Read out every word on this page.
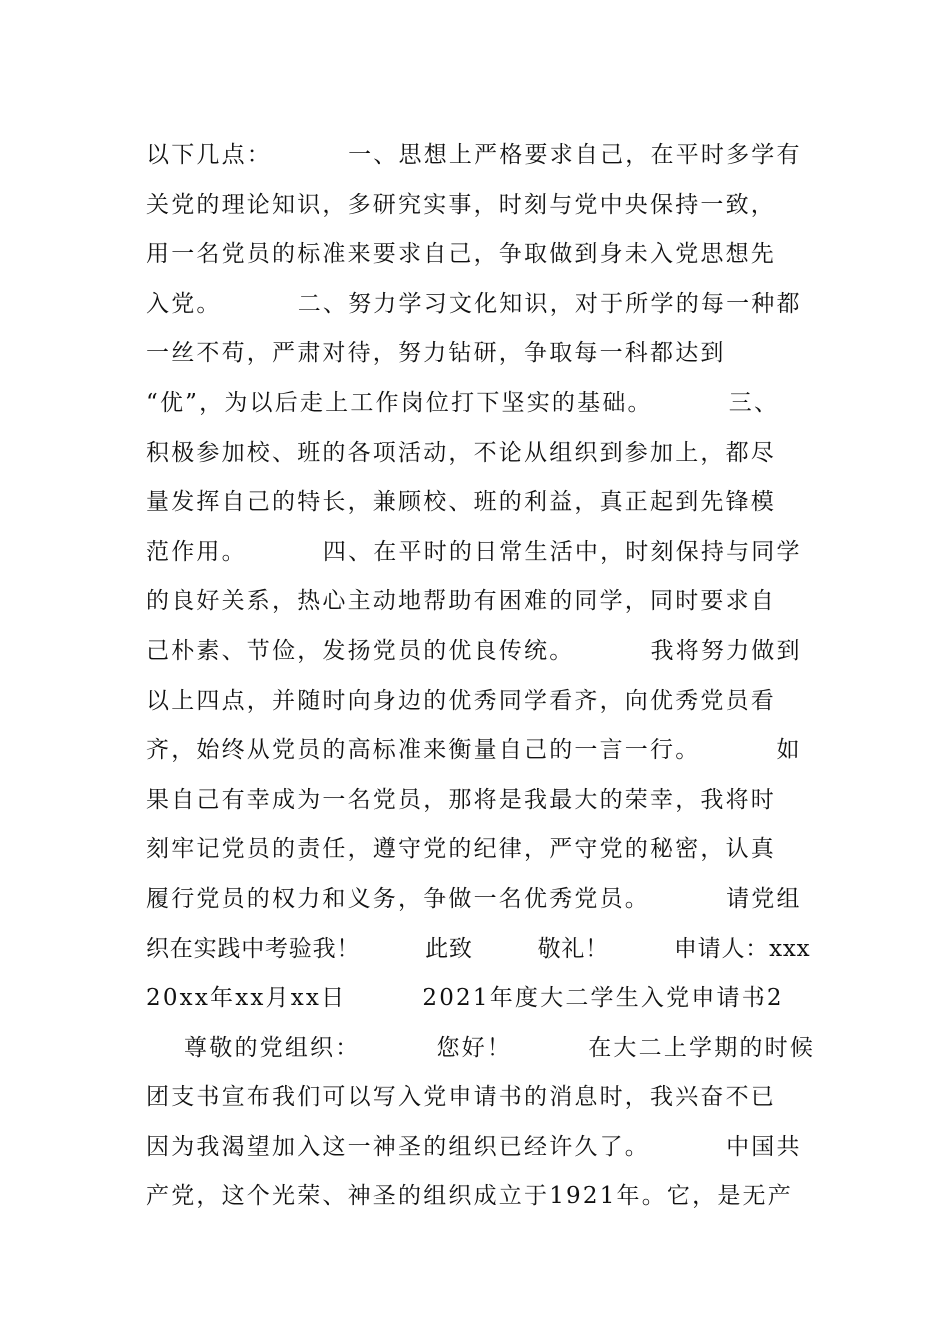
以下几点：        一、思想上严格要求自己，在平时多学有
关党的理论知识，多研究实事，时刻与党中央保持一致，
用一名党员的标准来要求自己，争取做到身未入党思想先
入党。        二、努力学习文化知识，对于所学的每一种都
一丝不苟，严肃对待，努力钻研，争取每一科都达到
“优”，为以后走上工作岗位打下坚实的基础。        三、
积极参加校、班的各项活动，不论从组织到参加上，都尽
量发挥自己的特长，兼顾校、班的利益，真正起到先锋模
范作用。        四、在平时的日常生活中，时刻保持与同学
的良好关系，热心主动地帮助有困难的同学，同时要求自
己朴素、节俭，发扬党员的优良传统。        我将努力做到
以上四点，并随时向身边的优秀同学看齐，向优秀党员看
齐，始终从党员的高标准来衡量自己的一言一行。        如
果自己有幸成为一名党员，那将是我最大的荣幸，我将时
刻牢记党员的责任，遵守党的纪律，严守党的秘密，认真
履行党员的权力和义务，争做一名优秀党员。        请党组
织在实践中考验我！        此致        敬礼！        申请人：xxx
20xx年xx月xx日        2021年度大二学生入党申请书2
尊敬的党组织：        您好！        在大二上学期的时候
团支书宣布我们可以写入党申请书的消息时，我兴奋不已
因为我渴望加入这一神圣的组织已经许久了。        中国共
产党，这个光荣、神圣的组织成立于1921年。它，是无产
